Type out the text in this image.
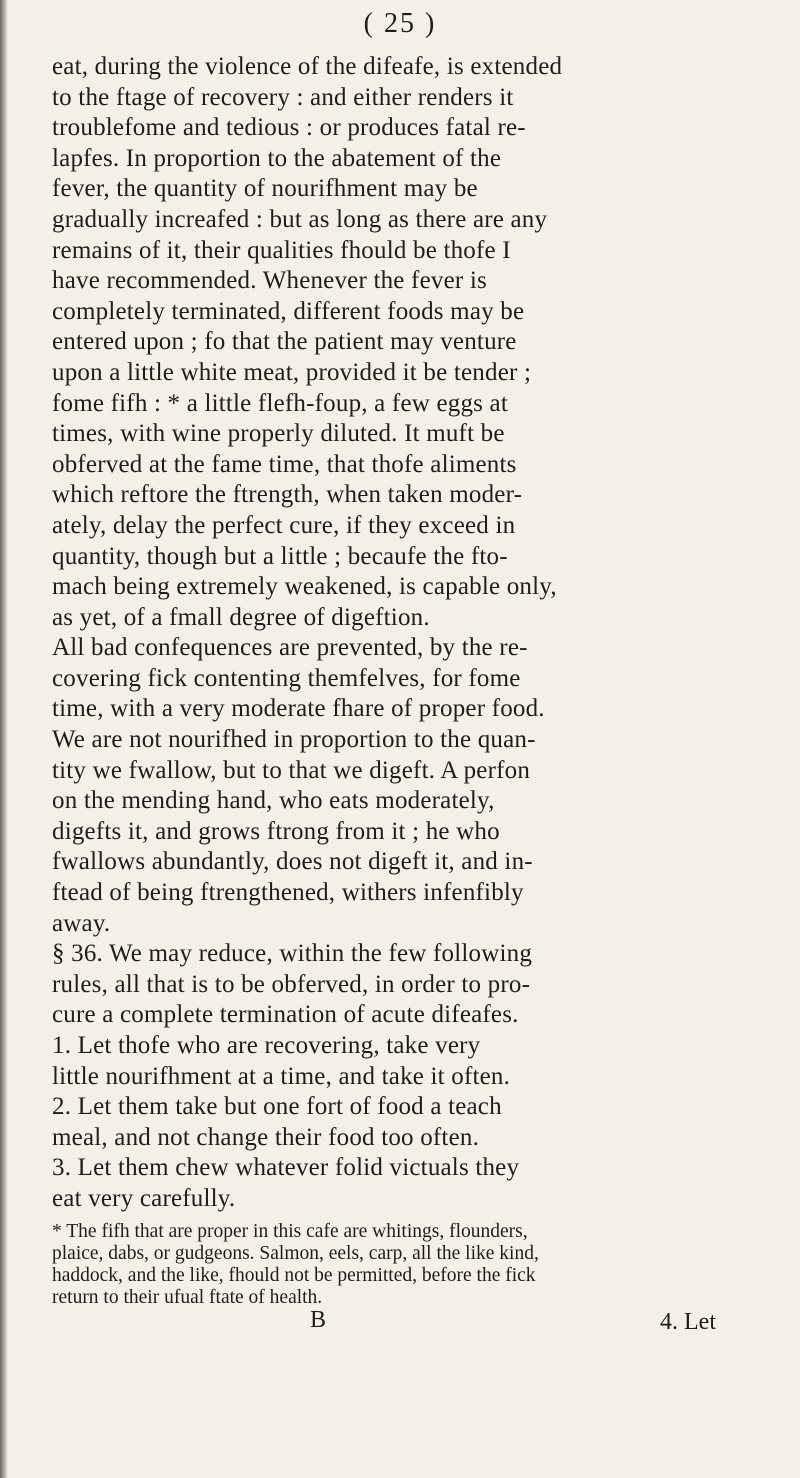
( 25 )
eat, during the violence of the difeafe, is extended
to the ftage of recovery : and either renders it
troublefome and tedious : or produces fatal re-
lapfes. In proportion to the abatement of the
fever, the quantity of nourifhment may be
gradually increafed : but as long as there are any
remains of it, their qualities fhould be thofe I
have recommended. Whenever the fever is
completely terminated, different foods may be
entered upon ; fo that the patient may venture
upon a little white meat, provided it be tender ;
fome fifh : * a little flefh-foup, a few eggs at
times, with wine properly diluted. It muft be
obferved at the fame time, that thofe aliments
which reftore the ftrength, when taken moder-
ately, delay the perfect cure, if they exceed in
quantity, though but a little ; becaufe the fto-
mach being extremely weakened, is capable only,
as yet, of a fmall degree of digeftion.
All bad confequences are prevented, by the re-
covering fick contenting themfelves, for fome
time, with a very moderate fhare of proper food.
We are not nourifhed in proportion to the quan-
tity we fwallow, but to that we digeft. A perfon
on the mending hand, who eats moderately,
digefts it, and grows ftrong from it ; he who
fwallows abundantly, does not digeft it, and in-
ftead of being ftrengthened, withers infenfibly
away.
§ 36. We may reduce, within the few following
rules, all that is to be obferved, in order to pro-
cure a complete termination of acute difeafes.
1. Let thofe who are recovering, take very
little nourifhment at a time, and take it often.
2. Let them take but one fort of food a teach
meal, and not change their food too often.
3. Let them chew whatever folid victuals they
eat very carefully.
* The fifh that are proper in this cafe are whitings, flounders,
plaice, dabs, or gudgeons. Salmon, eels, carp, all the like kind,
haddock, and the like, fhould not be permitted, before the fick
return to their ufual ftate of health.
B	4. Let
